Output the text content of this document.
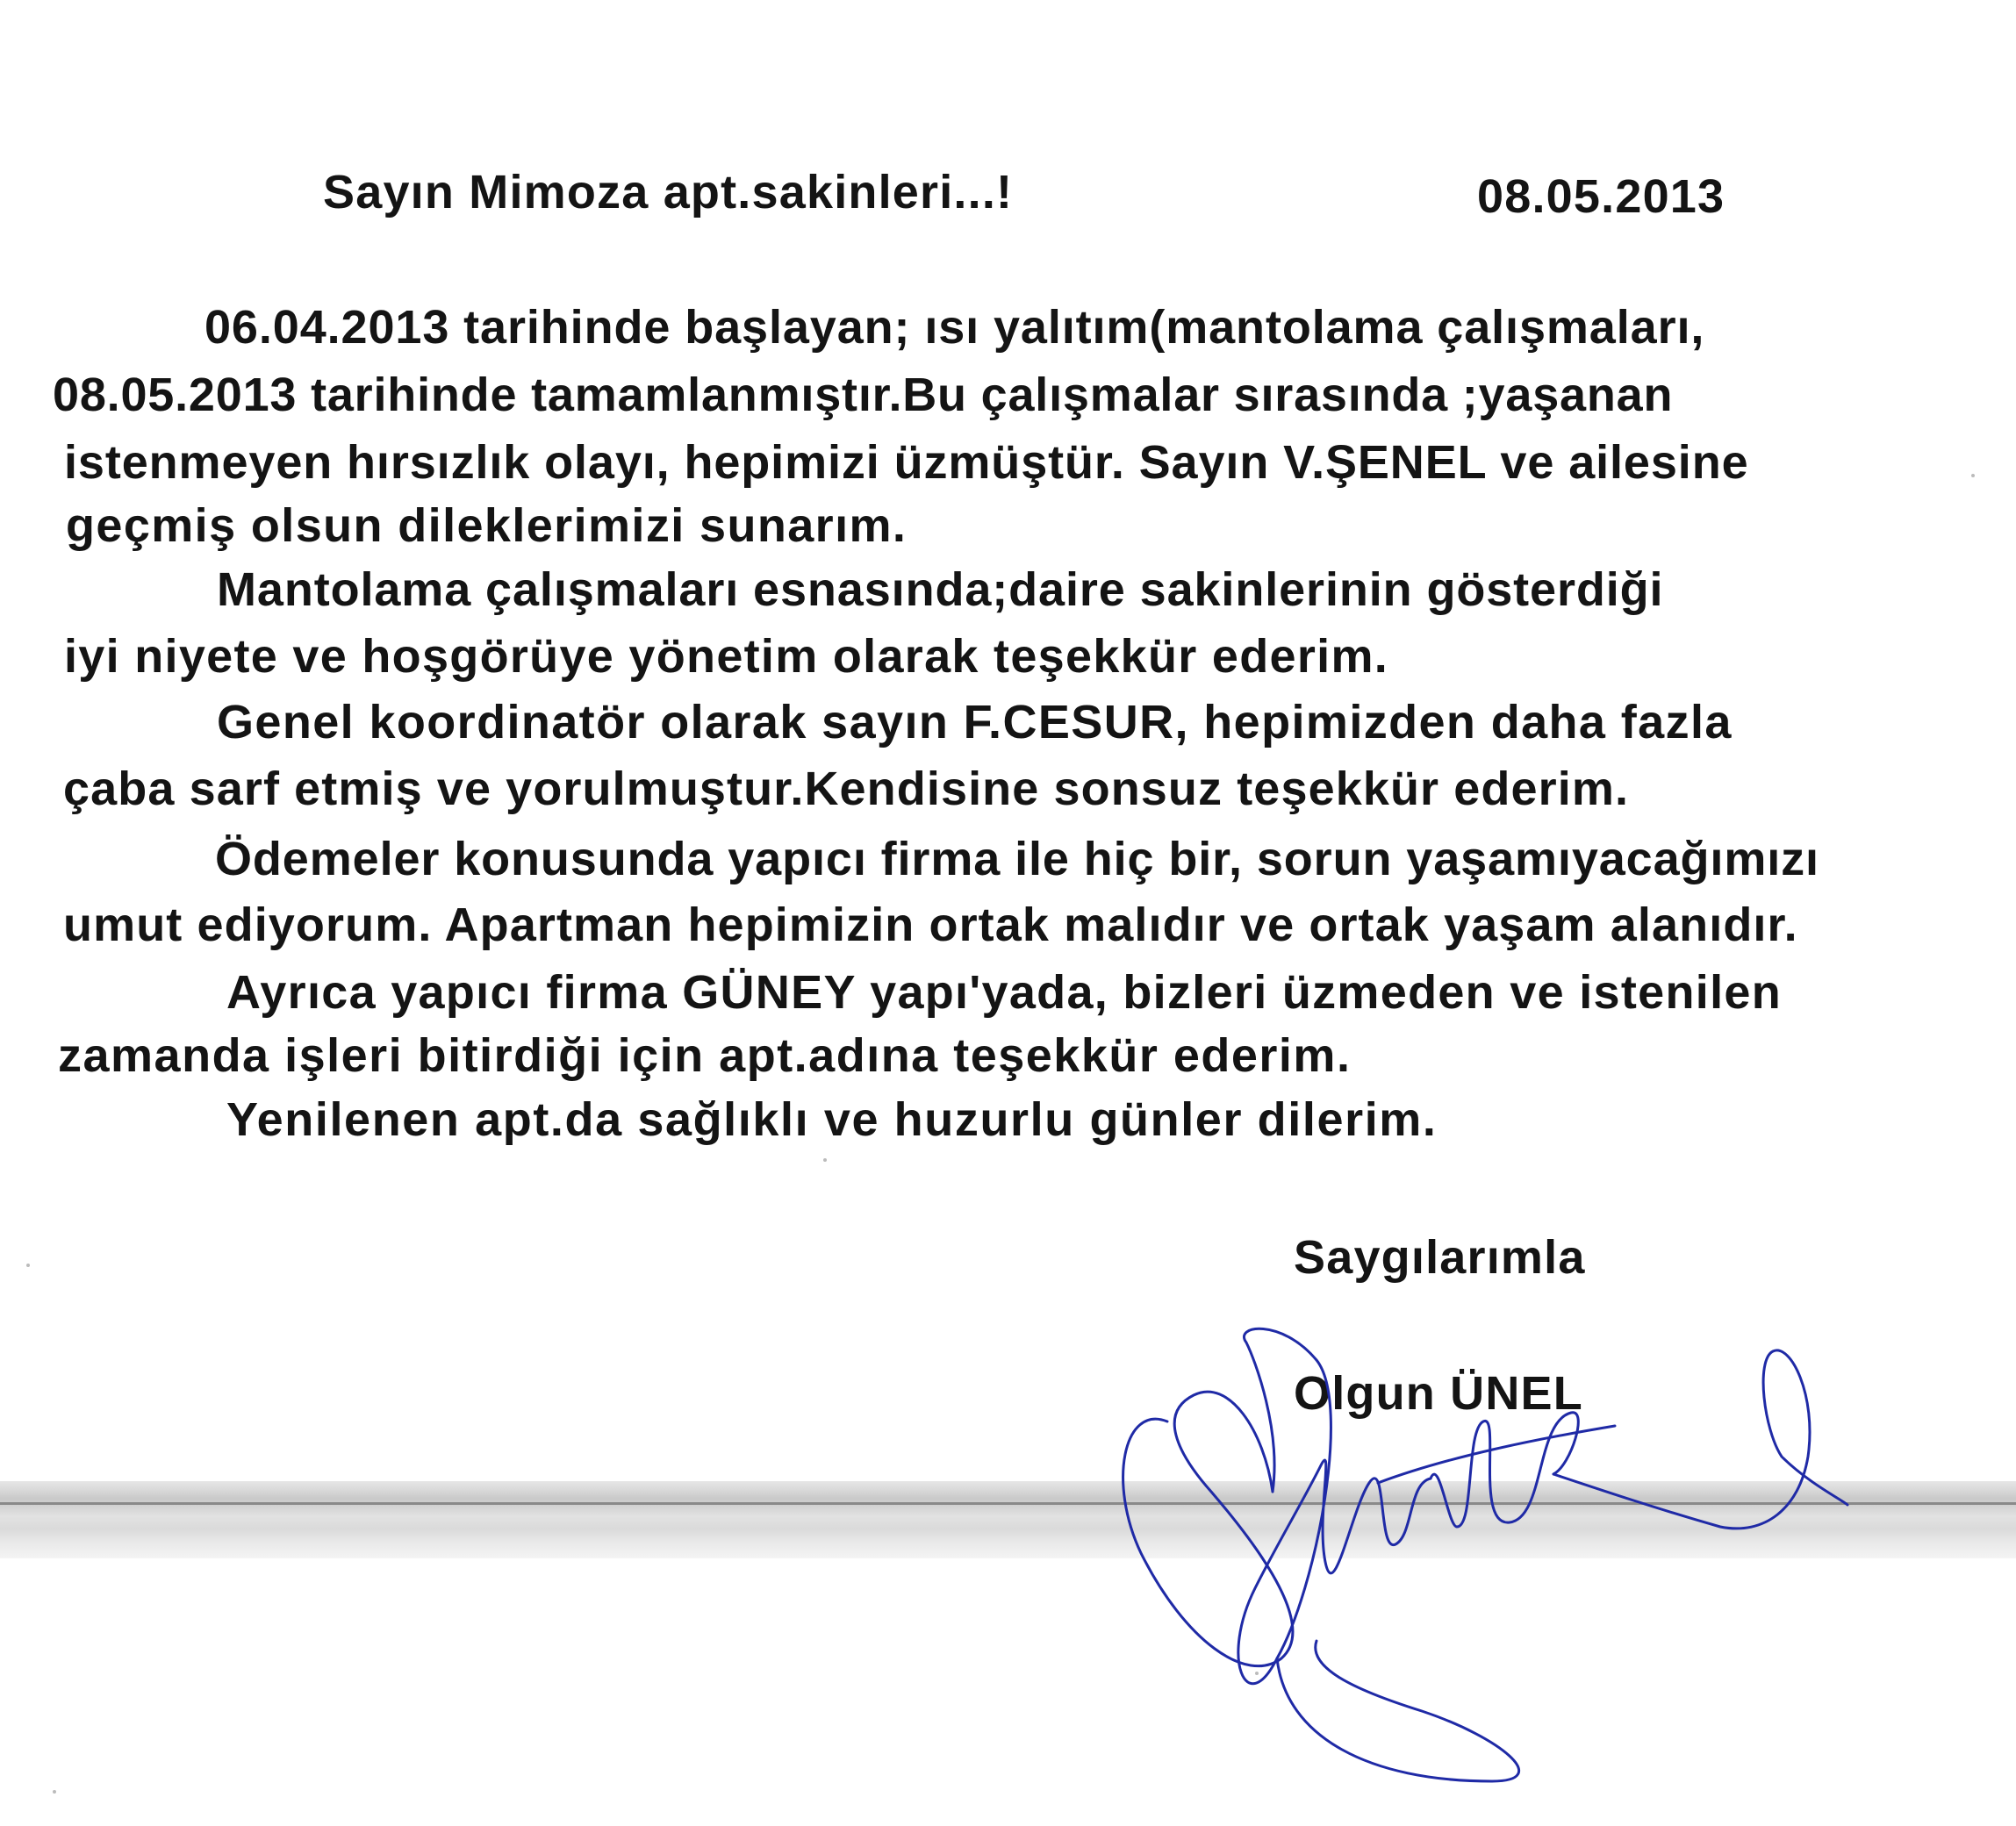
Sayın Mimoza apt.sakinleri...!	08.05.2013
06.04.2013 tarihinde başlayan; ısı yalıtım(mantolama çalışmaları,
08.05.2013 tarihinde tamamlanmıştır.Bu çalışmalar sırasında ;yaşanan
istenmeyen hırsızlık olayı, hepimizi üzmüştür. Sayın V.ŞENEL ve ailesine
geçmiş olsun dileklerimizi sunarım.
Mantolama çalışmaları esnasında;daire sakinlerinin gösterdiği
iyi niyete ve hoşgörüye yönetim olarak teşekkür ederim.
Genel koordinatör olarak sayın F.CESUR, hepimizden daha fazla
çaba sarf etmiş ve yorulmuştur.Kendisine sonsuz teşekkür ederim.
Ödemeler konusunda yapıcı firma ile hiç bir, sorun yaşamıyacağımızı
umut ediyorum. Apartman hepimizin ortak malıdır ve ortak yaşam alanıdır.
Ayrıca yapıcı firma GÜNEY yapı'yada, bizleri üzmeden ve istenilen
zamanda işleri bitirdiği için apt.adına teşekkür ederim.
Yenilenen apt.da sağlıklı ve huzurlu günler dilerim.
Saygılarımla
Olgun ÜNEL
